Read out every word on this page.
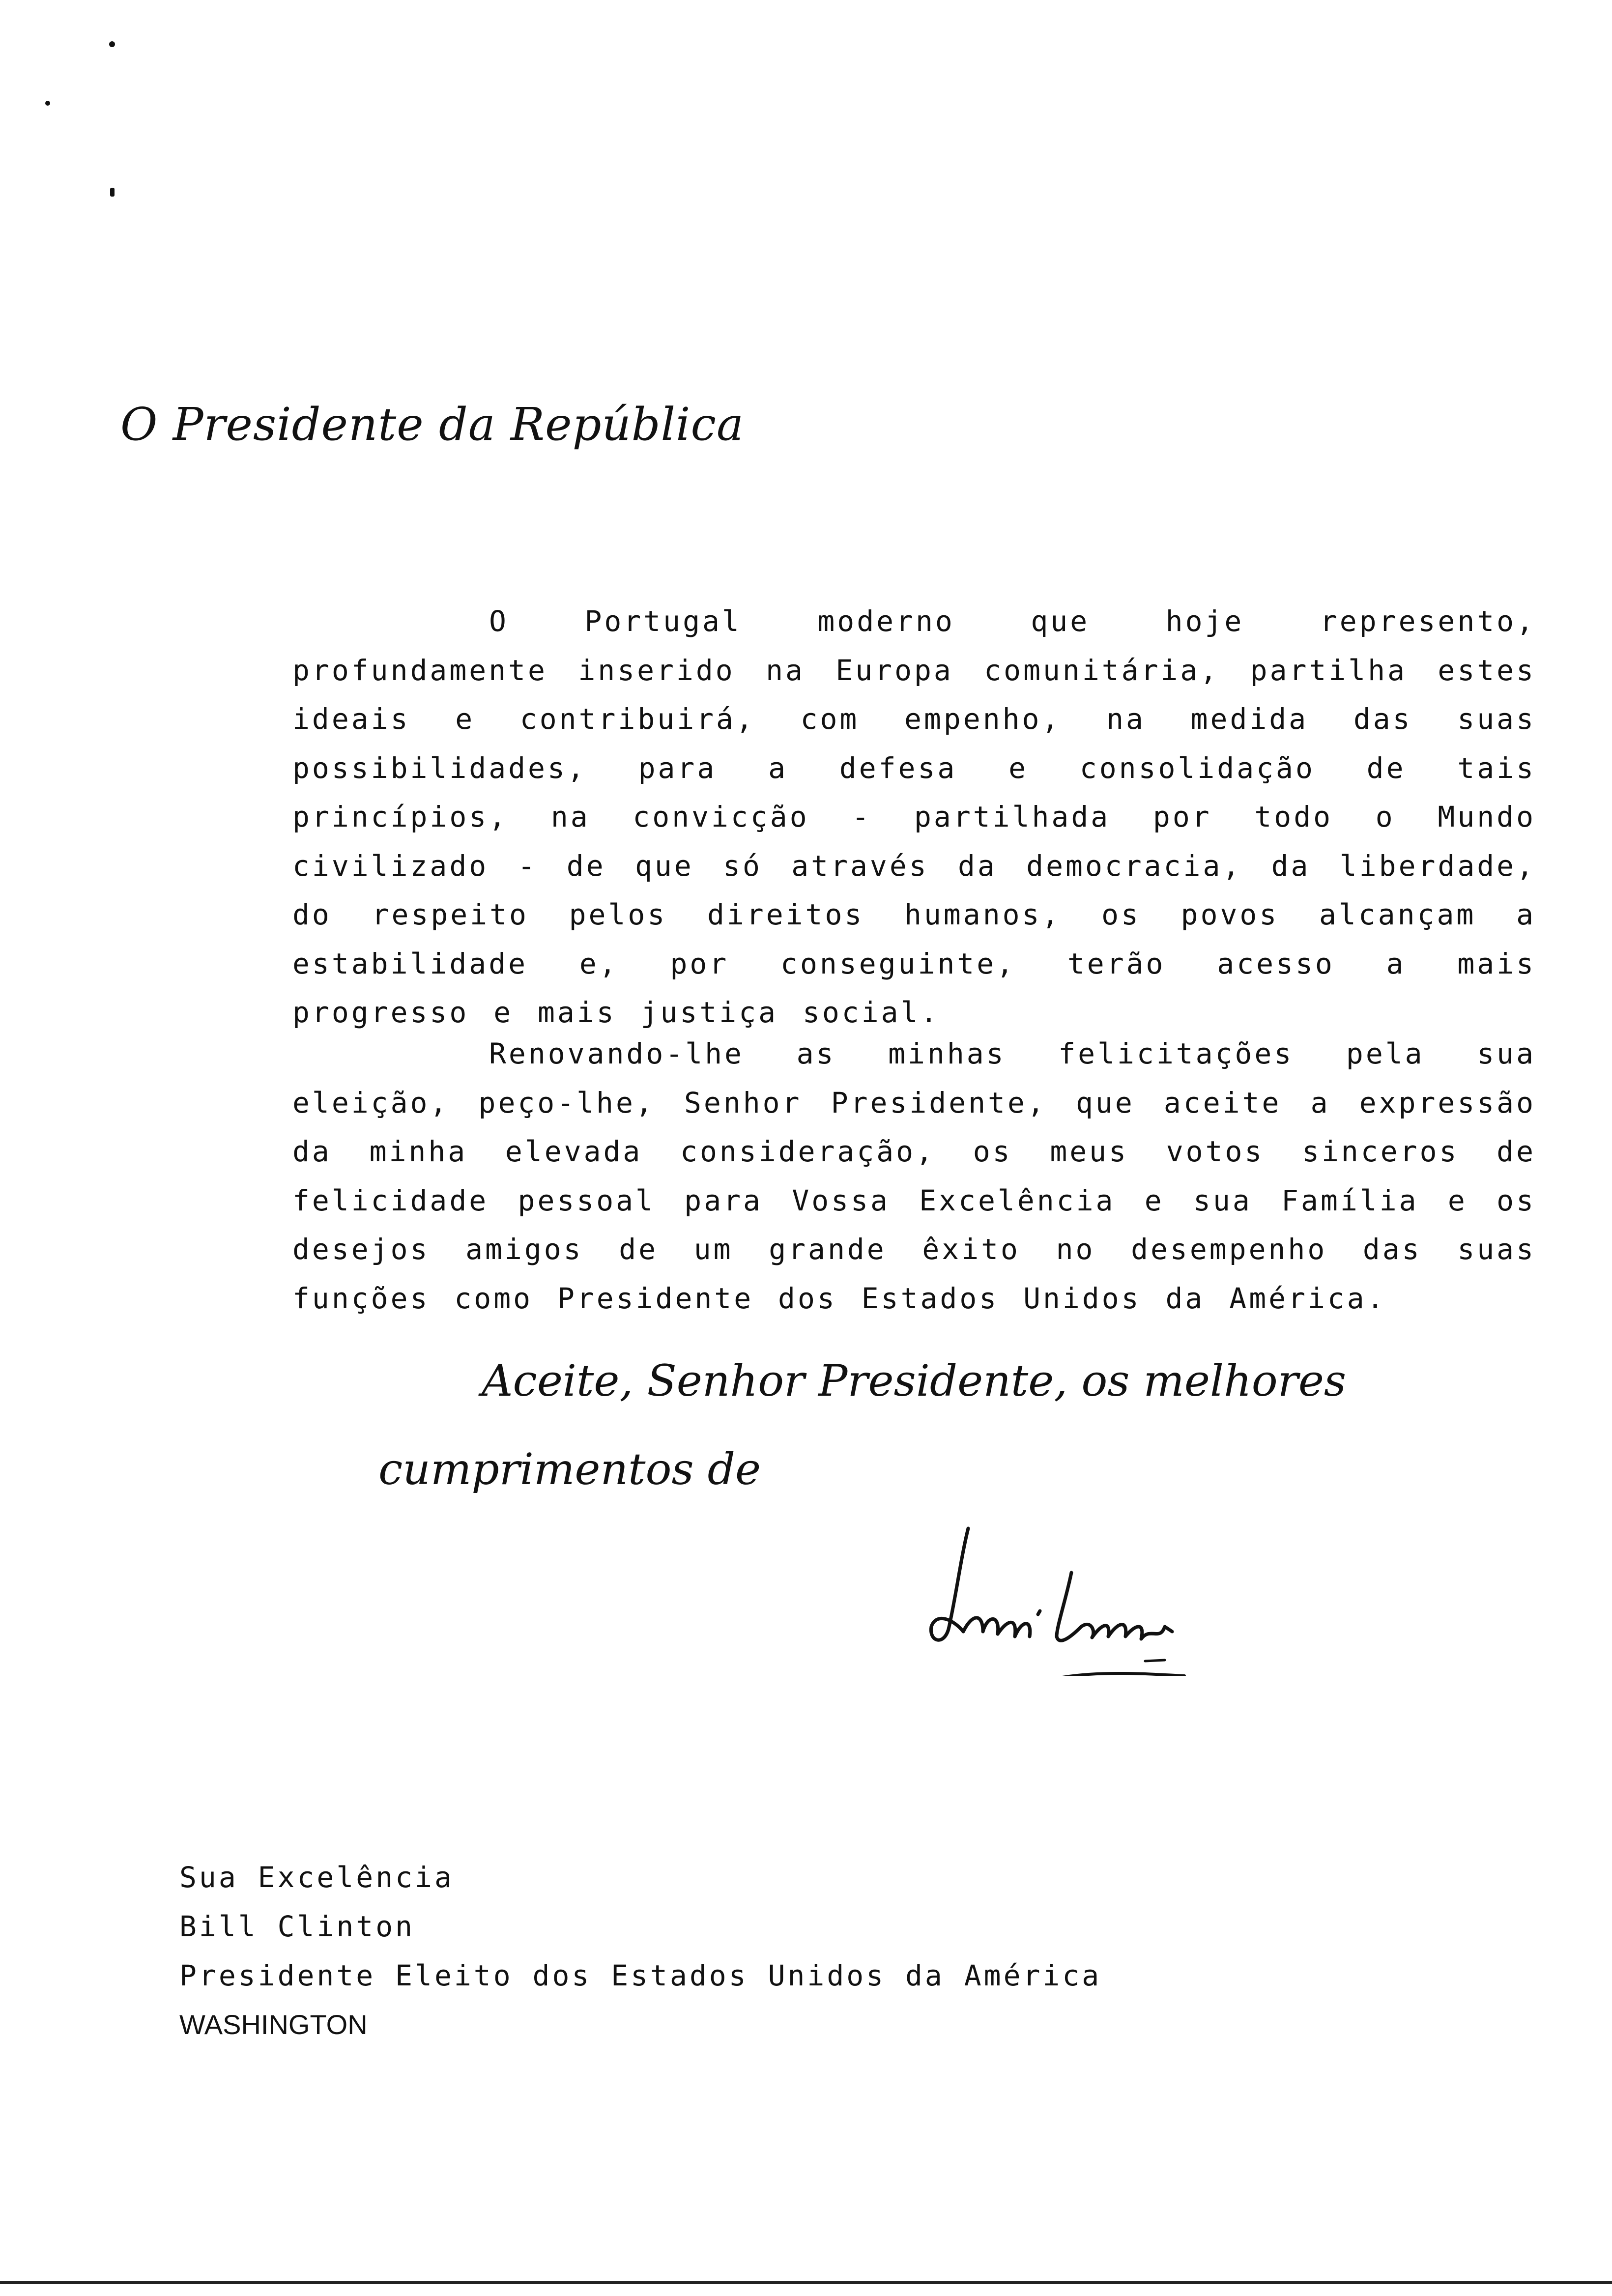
O Presidente da República

O Portugal moderno que hoje represento, profundamente inserido na Europa comunitária, partilha estes ideais e contribuirá, com empenho, na medida das suas possibilidades, para a defesa e consolidação de tais princípios, na convicção - partilhada por todo o Mundo civilizado - de que só através da democracia, da liberdade, do respeito pelos direitos humanos, os povos alcançam a estabilidade e, por conseguinte, terão acesso a mais progresso e mais justiça social.

Renovando-lhe as minhas felicitações pela sua eleição, peço-lhe, Senhor Presidente, que aceite a expressão da minha elevada consideração, os meus votos sinceros de felicidade pessoal para Vossa Excelência e sua Família e os desejos amigos de um grande êxito no desempenho das suas funções como Presidente dos Estados Unidos da América.

Aceite, Senhor Presidente, os melhores
cumprimentos de
Sua Excelência
Bill Clinton
Presidente Eleito dos Estados Unidos da América
WASHINGTON
